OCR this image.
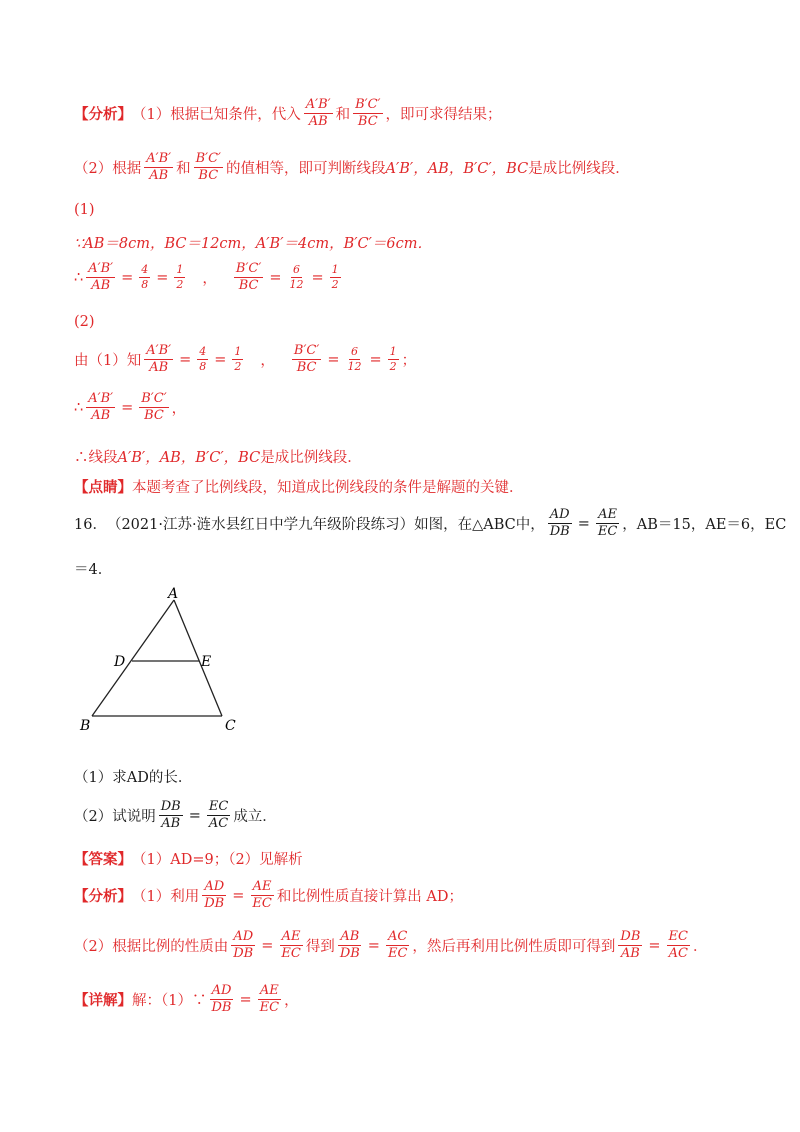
【分析】 （1）根据已知条件，代入 $\frac{A'B'}{AB}$ 和 $\frac{B'C'}{BC}$ ，即可求得结果；
（2）根据 $\frac{A'B'}{AB}$ 和 $\frac{B'C'}{BC}$ 的值相等，即可判断线段 A′B′，AB，B′C′，BC 是成比例线段．
(1)
∵AB＝8cm，BC＝12cm，A′B′＝4cm，B′C′＝6cm．
∴ $\frac{A'B'}{AB} = \frac{4}{8} = \frac{1}{2}$ ， $\frac{B'C'}{BC} = \frac{6}{12} = \frac{1}{2}$
(2)
由（1）知 $\frac{A'B'}{AB} = \frac{4}{8} = \frac{1}{2}$ ， $\frac{B'C'}{BC} = \frac{6}{12} = \frac{1}{2}$ ；
∴ $\frac{A'B'}{AB} = \frac{B'C'}{BC}$ ，
∴线段 A′B′，AB，B′C′，BC 是成比例线段．
【点睛】 本题考查了比例线段，知道成比例线段的条件是解题的关键．
16． （2021·江苏·涟水县红日中学九年级阶段练习）如图，在△ABC中， $\frac{AD}{DB} = \frac{AE}{EC}$ ，AB＝15，AE＝6，EC
＝4．
A
D	E
B	C
（1）求AD的长．
（2）试说明 $\frac{DB}{AB} = \frac{EC}{AC}$ 成立．
【答案】 （1）AD=9；（2）见解析
【分析】 （1）利用 $\frac{AD}{DB} = \frac{AE}{EC}$ 和比例性质直接计算出 AD；
（2）根据比例的性质由 $\frac{AD}{DB} = \frac{AE}{EC}$ 得到 $\frac{AB}{DB} = \frac{AC}{EC}$ ，然后再利用比例性质即可得到 $\frac{DB}{AB} = \frac{EC}{AC}$ ．
【详解】 解：（1）∵ $\frac{AD}{DB} = \frac{AE}{EC}$ ，
